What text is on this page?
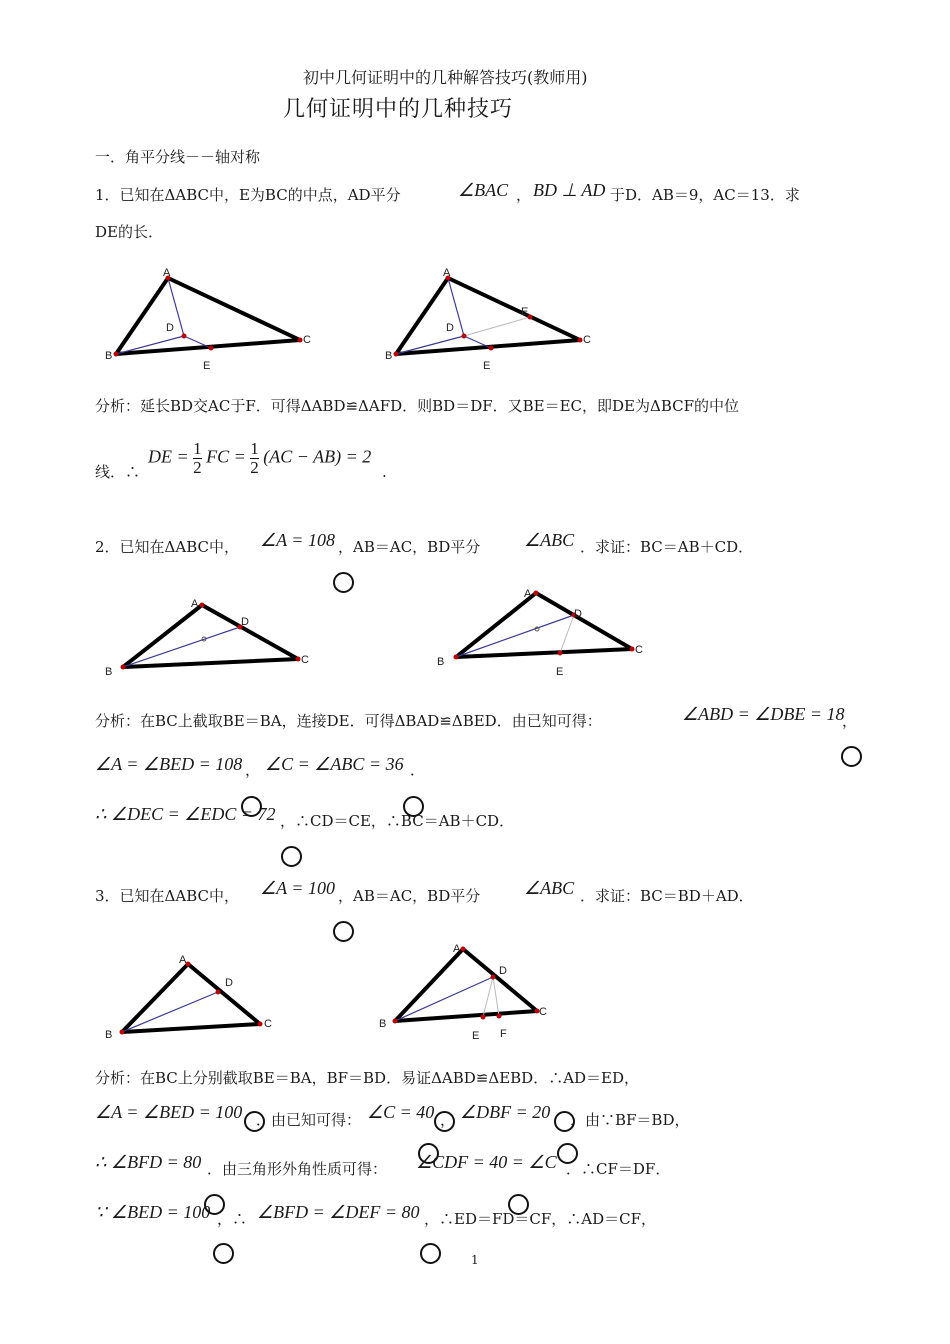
初中几何证明中的几种解答技巧(教师用)
几何证明中的几种技巧
一．角平分线－－轴对称
1．已知在ΔABC中，E为BC的中点，AD平分	∠BAC ， BD ⊥ AD 于D．AB＝9，AC＝13．求
DE的长．
A
B
C
D
E
A
B
C
D
E
E
分析：延长BD交AC于F．可得ΔABD≌ΔAFD．则BD＝DF．又BE＝EC，即DE为ΔBCF的中位
DE = $\frac{1}{2}$ FC = $\frac{1}{2} (AC - AB) = 2$
线．∴	.
2．已知在ΔABC中， ∠A = 108 ，AB＝AC，BD平分 ∠ABC ．求证：BC＝AB＋CD．
A
B
C
D
A
B
C
D
E
分析：在BC上截取BE＝BA，连接DE．可得ΔBAD≌ΔBED．由已知可得：	∠ABD = ∠DBE = 18
，
∠A = ∠BED = 108 ， ∠C = ∠ABC = 36 ．
∴ ∠DEC = ∠EDC = 72 ，∴CD＝CE，∴BC＝AB＋CD．
3．已知在ΔABC中， ∠A = 100 ，AB＝AC，BD平分 ∠ABC ．求证：BC＝BD＋AD．
A
B
C
D
A
B
C
D
E F
分析：在BC上分别截取BE＝BA，BF＝BD．易证ΔABD≌ΔEBD．∴AD＝ED，
∠A = ∠BED = 100 ．由已知可得： ∠C = 40 ， ∠DBF = 20 ．由∵BF＝BD，
∴ ∠BFD = 80 ．由三角形外角性质可得： ∠CDF = 40 = ∠C ．∴CF＝DF．
∵ ∠BED = 100 ，∴ ∠BFD = ∠DEF = 80 ，∴ED＝FD＝CF，∴AD＝CF，
1
